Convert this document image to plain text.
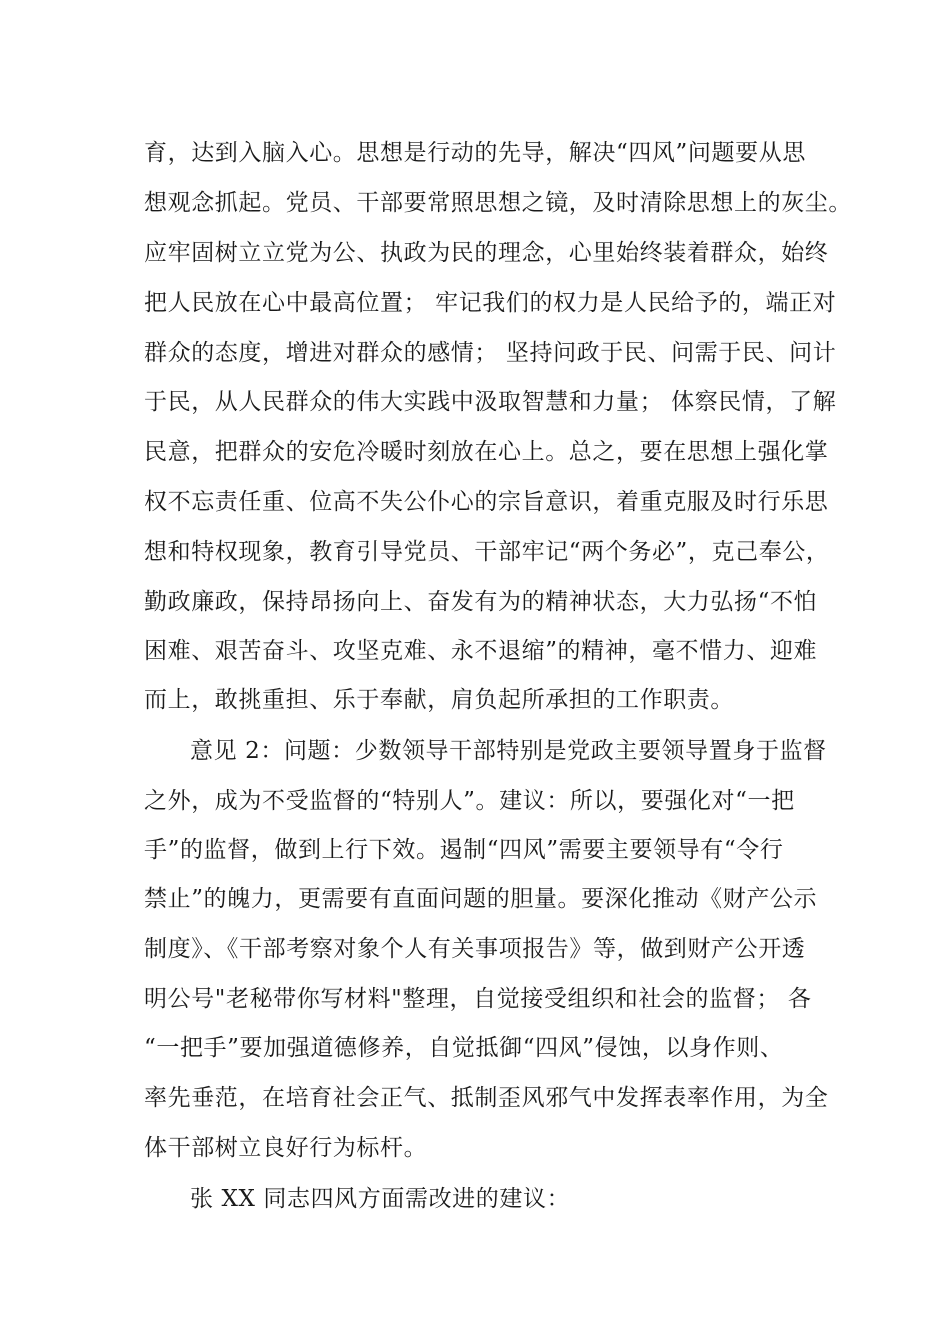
育，达到入脑入心。思想是行动的先导，解决“四风”问题要从思
想观念抓起。党员、干部要常照思想之镜，及时清除思想上的灰尘。
应牢固树立立党为公、执政为民的理念，心里始终装着群众，始终
把人民放在心中最高位置； 牢记我们的权力是人民给予的，端正对
群众的态度，增进对群众的感情； 坚持问政于民、问需于民、问计
于民，从人民群众的伟大实践中汲取智慧和力量； 体察民情，了解
民意，把群众的安危冷暖时刻放在心上。总之，要在思想上强化掌
权不忘责任重、位高不失公仆心的宗旨意识，着重克服及时行乐思
想和特权现象，教育引导党员、干部牢记“两个务必”，克己奉公，
勤政廉政，保持昂扬向上、奋发有为的精神状态，大力弘扬“不怕
困难、艰苦奋斗、攻坚克难、永不退缩”的精神，毫不惜力、迎难
而上，敢挑重担、乐于奉献，肩负起所承担的工作职责。
意见 2：问题：少数领导干部特别是党政主要领导置身于监督
之外，成为不受监督的“特别人”。建议：所以，要强化对“一把
手”的监督，做到上行下效。遏制“四风”需要主要领导有“令行
禁止”的魄力，更需要有直面问题的胆量。要深化推动《财产公示
制度》、《干部考察对象个人有关事项报告》等，做到财产公开透
明公号"老秘带你写材料"整理，自觉接受组织和社会的监督； 各
“一把手”要加强道德修养，自觉抵御“四风”侵蚀，以身作则、
率先垂范，在培育社会正气、抵制歪风邪气中发挥表率作用，为全
体干部树立良好行为标杆。
张 XX 同志四风方面需改进的建议：
